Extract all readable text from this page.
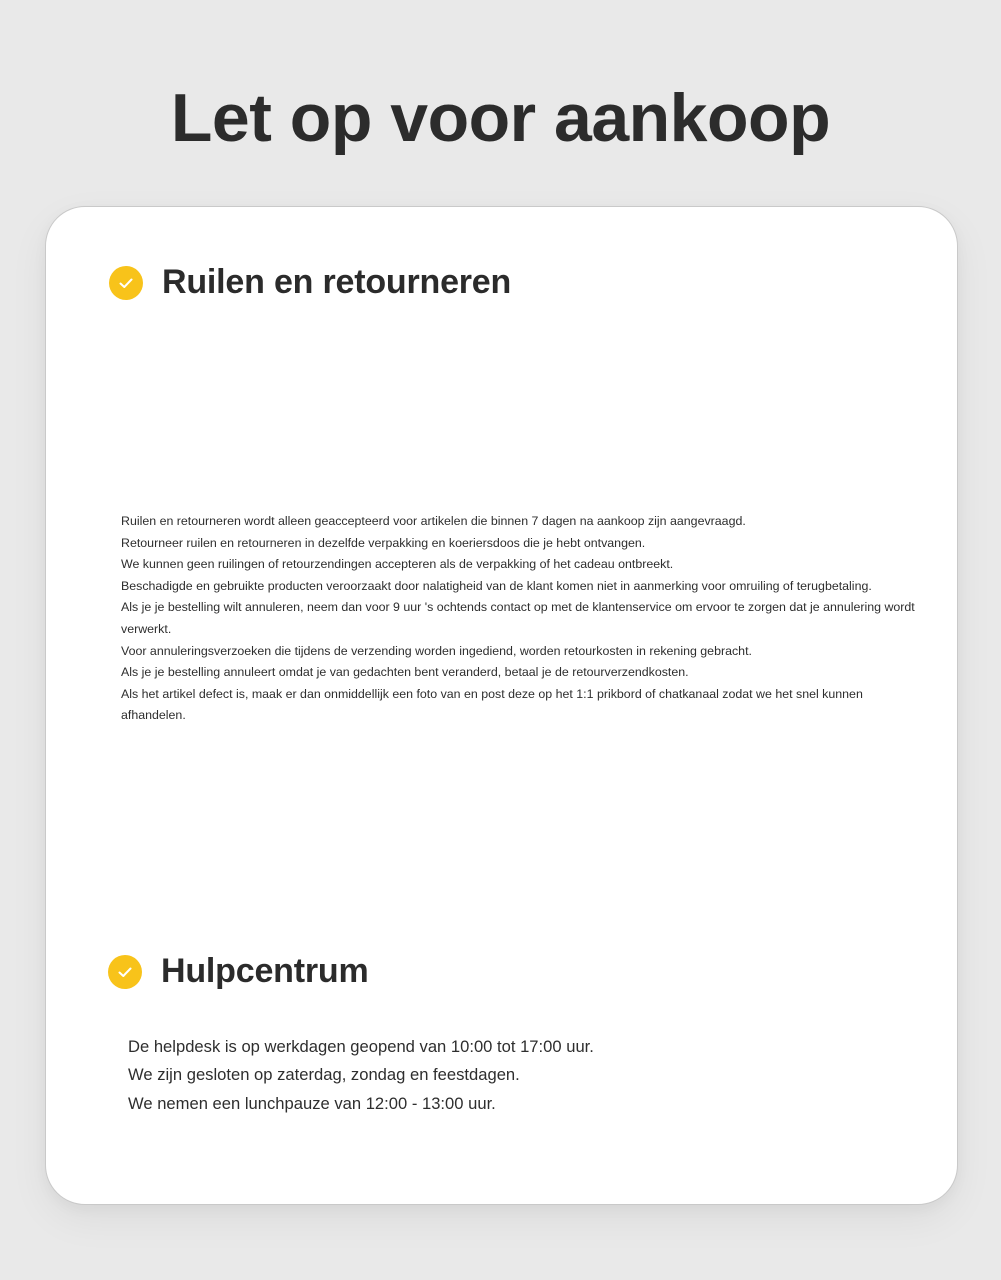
Let op voor aankoop
Ruilen en retourneren
Ruilen en retourneren wordt alleen geaccepteerd voor artikelen die binnen 7 dagen na aankoop zijn aangevraagd.
Retourneer ruilen en retourneren in dezelfde verpakking en koeriersdoos die je hebt ontvangen.
We kunnen geen ruilingen of retourzendingen accepteren als de verpakking of het cadeau ontbreekt.
Beschadigde en gebruikte producten veroorzaakt door nalatigheid van de klant komen niet in aanmerking voor omruiling of terugbetaling.
Als je je bestelling wilt annuleren, neem dan voor 9 uur 's ochtends contact op met de klantenservice om ervoor te zorgen dat je annulering wordt verwerkt.
Voor annuleringsverzoeken die tijdens de verzending worden ingediend, worden retourkosten in rekening gebracht.
Als je je bestelling annuleert omdat je van gedachten bent veranderd, betaal je de retourverzendkosten.
Als het artikel defect is, maak er dan onmiddellijk een foto van en post deze op het 1:1 prikbord of chatkanaal zodat we het snel kunnen afhandelen.
Hulpcentrum
De helpdesk is op werkdagen geopend van 10:00 tot 17:00 uur.
We zijn gesloten op zaterdag, zondag en feestdagen.
We nemen een lunchpauze van 12:00 - 13:00 uur.
